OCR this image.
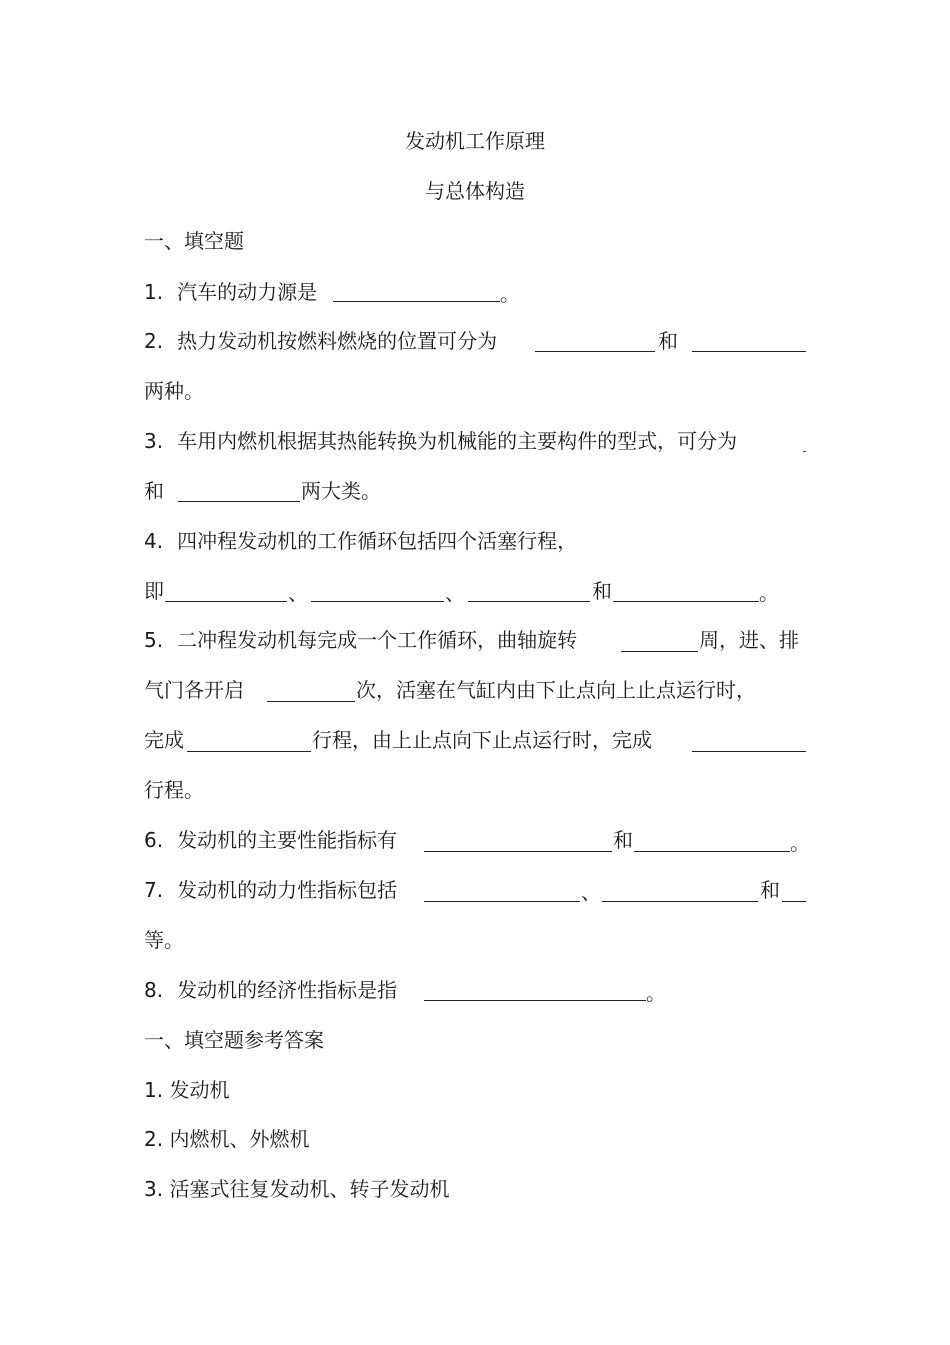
发动机工作原理
与总体构造
一、填空题
1. 汽车的动力源是	。
2. 热力发动机按燃料燃烧的位置可分为	和
两种。
3. 车用内燃机根据其热能转换为机械能的主要构件的型式，可分为
和	两大类。
4. 四冲程发动机的工作循环包括四个活塞行程，
即	、	、	和	。
5. 二冲程发动机每完成一个工作循环，曲轴旋转	周，进、排
气门各开启	次，活塞在气缸内由下止点向上止点运行时，
完成	行程，由上止点向下止点运行时，完成
行程。
6. 发动机的主要性能指标有	和	。
7. 发动机的动力性指标包括	、	和
等。
8. 发动机的经济性指标是指	。
一、填空题参考答案
1. 发动机
2. 内燃机、外燃机
3. 活塞式往复发动机、转子发动机
